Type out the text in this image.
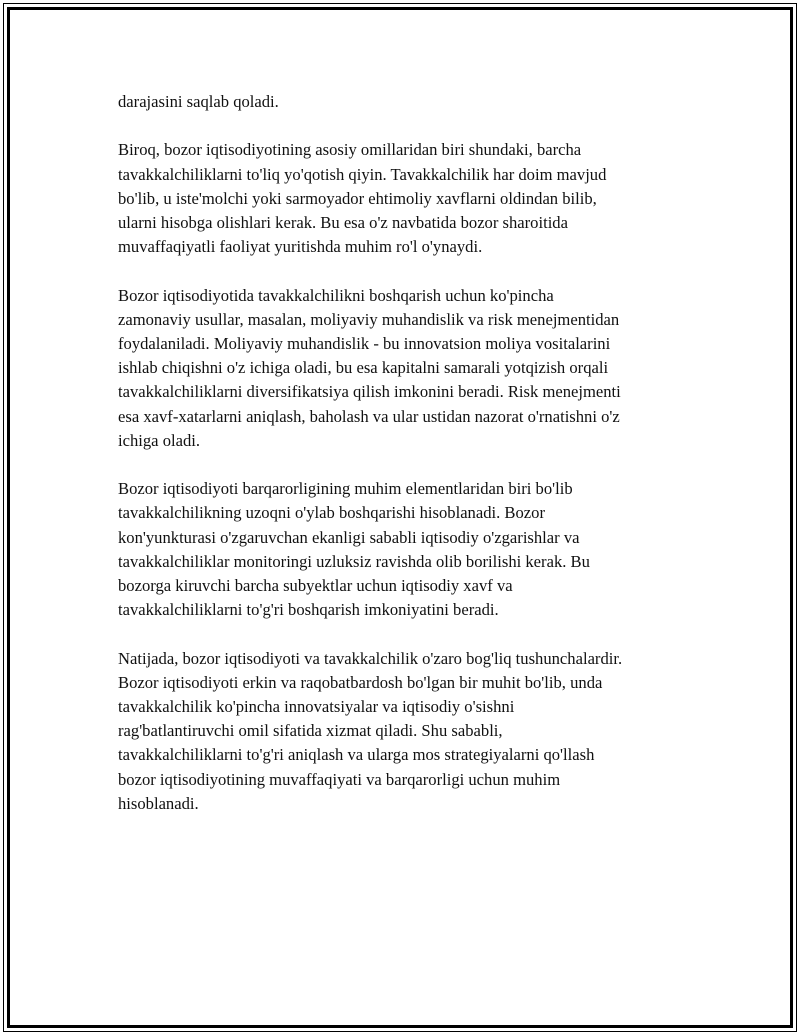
darajasini saqlab qoladi.

Biroq, bozor iqtisodiyotining asosiy omillaridan biri shundaki, barcha
tavakkalchiliklarni to'liq yo'qotish qiyin. Tavakkalchilik har doim mavjud
bo'lib, u iste'molchi yoki sarmoyador ehtimoliy xavflarni oldindan bilib,
ularni hisobga olishlari kerak. Bu esa o'z navbatida bozor sharoitida
muvaffaqiyatli faoliyat yuritishda muhim ro'l o'ynaydi.

Bozor iqtisodiyotida tavakkalchilikni boshqarish uchun ko'pincha
zamonaviy usullar, masalan, moliyaviy muhandislik va risk menejmentidan
foydalaniladi. Moliyaviy muhandislik - bu innovatsion moliya vositalarini
ishlab chiqishni o'z ichiga oladi, bu esa kapitalni samarali yotqizish orqali
tavakkalchiliklarni diversifikatsiya qilish imkonini beradi. Risk menejmenti
esa xavf-xatarlarni aniqlash, baholash va ular ustidan nazorat o'rnatishni o'z
ichiga oladi.

Bozor iqtisodiyoti barqarorligining muhim elementlaridan biri bo'lib
tavakkalchilikning uzoqni o'ylab boshqarishi hisoblanadi. Bozor
kon'yunkturasi o'zgaruvchan ekanligi sababli iqtisodiy o'zgarishlar va
tavakkalchiliklar monitoringi uzluksiz ravishda olib borilishi kerak. Bu
bozorga kiruvchi barcha subyektlar uchun iqtisodiy xavf va
tavakkalchiliklarni to'g'ri boshqarish imkoniyatini beradi.

Natijada, bozor iqtisodiyoti va tavakkalchilik o'zaro bog'liq tushunchalardir.
Bozor iqtisodiyoti erkin va raqobatbardosh bo'lgan bir muhit bo'lib, unda
tavakkalchilik ko'pincha innovatsiyalar va iqtisodiy o'sishni
rag'batlantiruvchi omil sifatida xizmat qiladi. Shu sababli,
tavakkalchiliklarni to'g'ri aniqlash va ularga mos strategiyalarni qo'llash
bozor iqtisodiyotining muvaffaqiyati va barqarorligi uchun muhim
hisoblanadi.
